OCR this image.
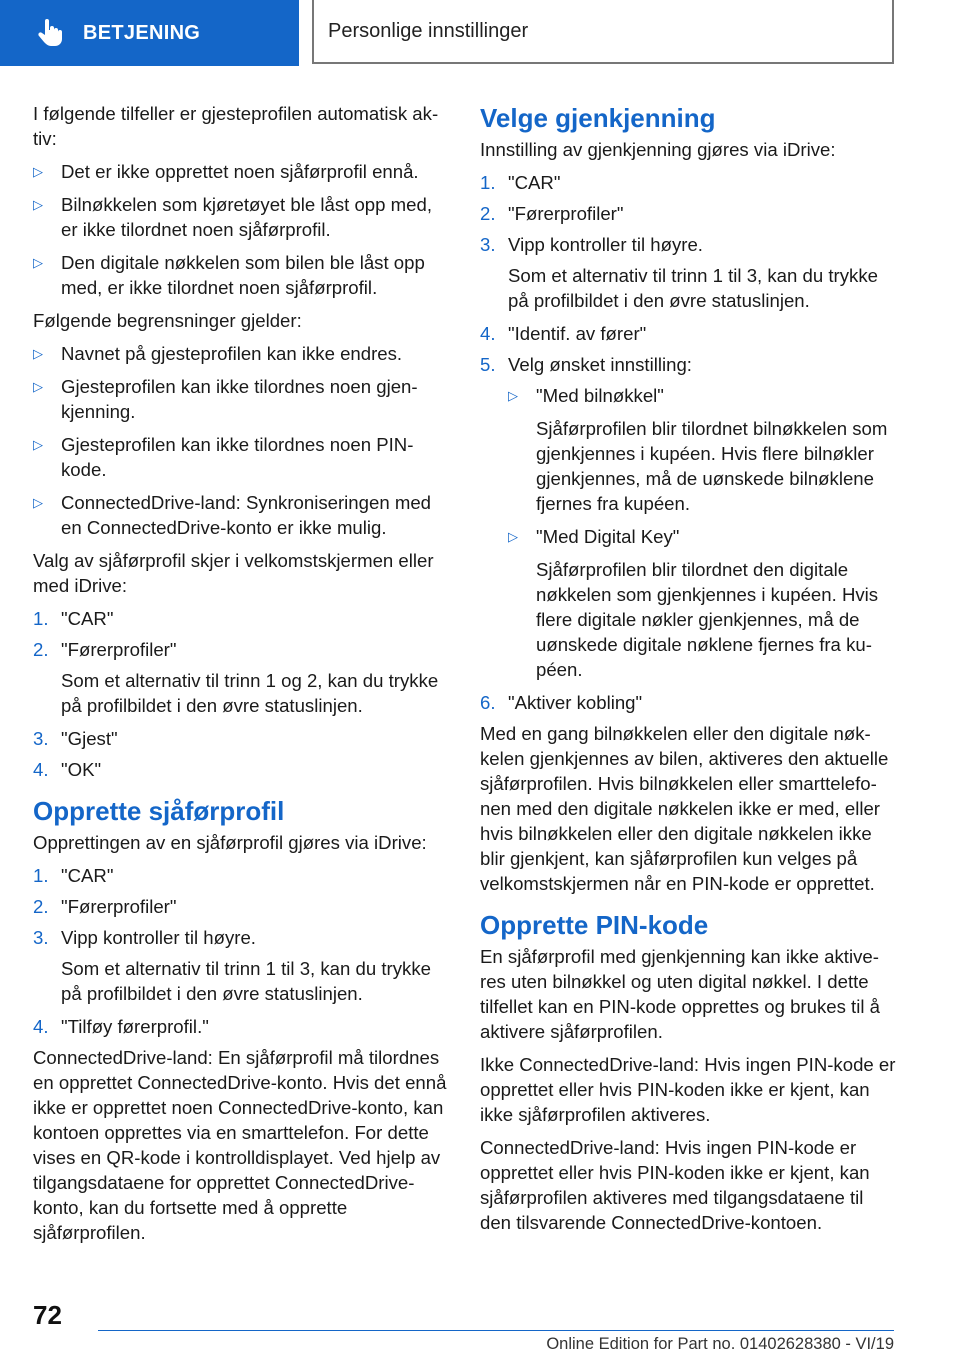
BETJENING	Personlige innstillinger

I følgende tilfeller er gjesteprofilen automatisk aktiv:

▷ Det er ikke opprettet noen sjåførprofil ennå.
▷ Bilnøkkelen som kjøretøyet ble låst opp med, er ikke tilordnet noen sjåførprofil.
▷ Den digitale nøkkelen som bilen ble låst opp med, er ikke tilordnet noen sjåførprofil.

Følgende begrensninger gjelder:

▷ Navnet på gjesteprofilen kan ikke endres.
▷ Gjesteprofilen kan ikke tilordnes noen gjenkjenning.
▷ Gjesteprofilen kan ikke tilordnes noen PIN-kode.
▷ ConnectedDrive-land: Synkroniseringen med en ConnectedDrive-konto er ikke mulig.

Valg av sjåførprofil skjer i velkomstskjermen eller med iDrive:

1. "CAR"
2. "Førerprofiler"
Som et alternativ til trinn 1 og 2, kan du trykke på profilbildet i den øvre statuslinjen.
3. "Gjest"
4. "OK"
Opprette sjåførprofil

Opprettingen av en sjåførprofil gjøres via iDrive:

1. "CAR"
2. "Førerprofiler"
3. Vipp kontroller til høyre.
Som et alternativ til trinn 1 til 3, kan du trykke på profilbildet i den øvre statuslinjen.
4. "Tilføy førerprofil."

ConnectedDrive-land: En sjåførprofil må tilordnes en opprettet ConnectedDrive-konto. Hvis det ennå ikke er opprettet noen ConnectedDrive-konto, kan kontoen opprettes via en smarttelefon. For dette vises en QR-kode i kontrolldisplayet. Ved hjelp av tilgangsdataene for opprettet ConnectedDrive-konto, kan du fortsette med å opprette sjåførprofilen.

Velge gjenkjenning

Innstilling av gjenkjenning gjøres via iDrive:

1. "CAR"
2. "Førerprofiler"
3. Vipp kontroller til høyre.
Som et alternativ til trinn 1 til 3, kan du trykke på profilbildet i den øvre statuslinjen.
4. "Identif. av fører"
5. Velg ønsket innstilling:
▷ "Med bilnøkkel"
Sjåførprofilen blir tilordnet bilnøkkelen som gjenkjennes i kupéen. Hvis flere bilnøkler gjenkjennes, må de uønskede bilnøklene fjernes fra kupéen.
▷ "Med Digital Key"
Sjåførprofilen blir tilordnet den digitale nøkkelen som gjenkjennes i kupéen. Hvis flere digitale nøkler gjenkjennes, må de uønskede digitale nøklene fjernes fra kupéen.
6. "Aktiver kobling"

Med en gang bilnøkkelen eller den digitale nøkkelen gjenkjennes av bilen, aktiveres den aktuelle sjåførprofilen. Hvis bilnøkkelen eller smarttelefonen med den digitale nøkkelen ikke er med, eller hvis bilnøkkelen eller den digitale nøkkelen ikke blir gjenkjent, kan sjåførprofilen kun velges på velkomstskjermen når en PIN-kode er opprettet.

Opprette PIN-kode

En sjåførprofil med gjenkjenning kan ikke aktiveres uten bilnøkkel og uten digital nøkkel. I dette tilfellet kan en PIN-kode opprettes og brukes til å aktivere sjåførprofilen.

Ikke ConnectedDrive-land: Hvis ingen PIN-kode er opprettet eller hvis PIN-koden ikke er kjent, kan ikke sjåførprofilen aktiveres.

ConnectedDrive-land: Hvis ingen PIN-kode er opprettet eller hvis PIN-koden ikke er kjent, kan sjåførprofilen aktiveres med tilgangsdataene til den tilsvarende ConnectedDrive-kontoen.

72
Online Edition for Part no. 01402628380 - VI/19
